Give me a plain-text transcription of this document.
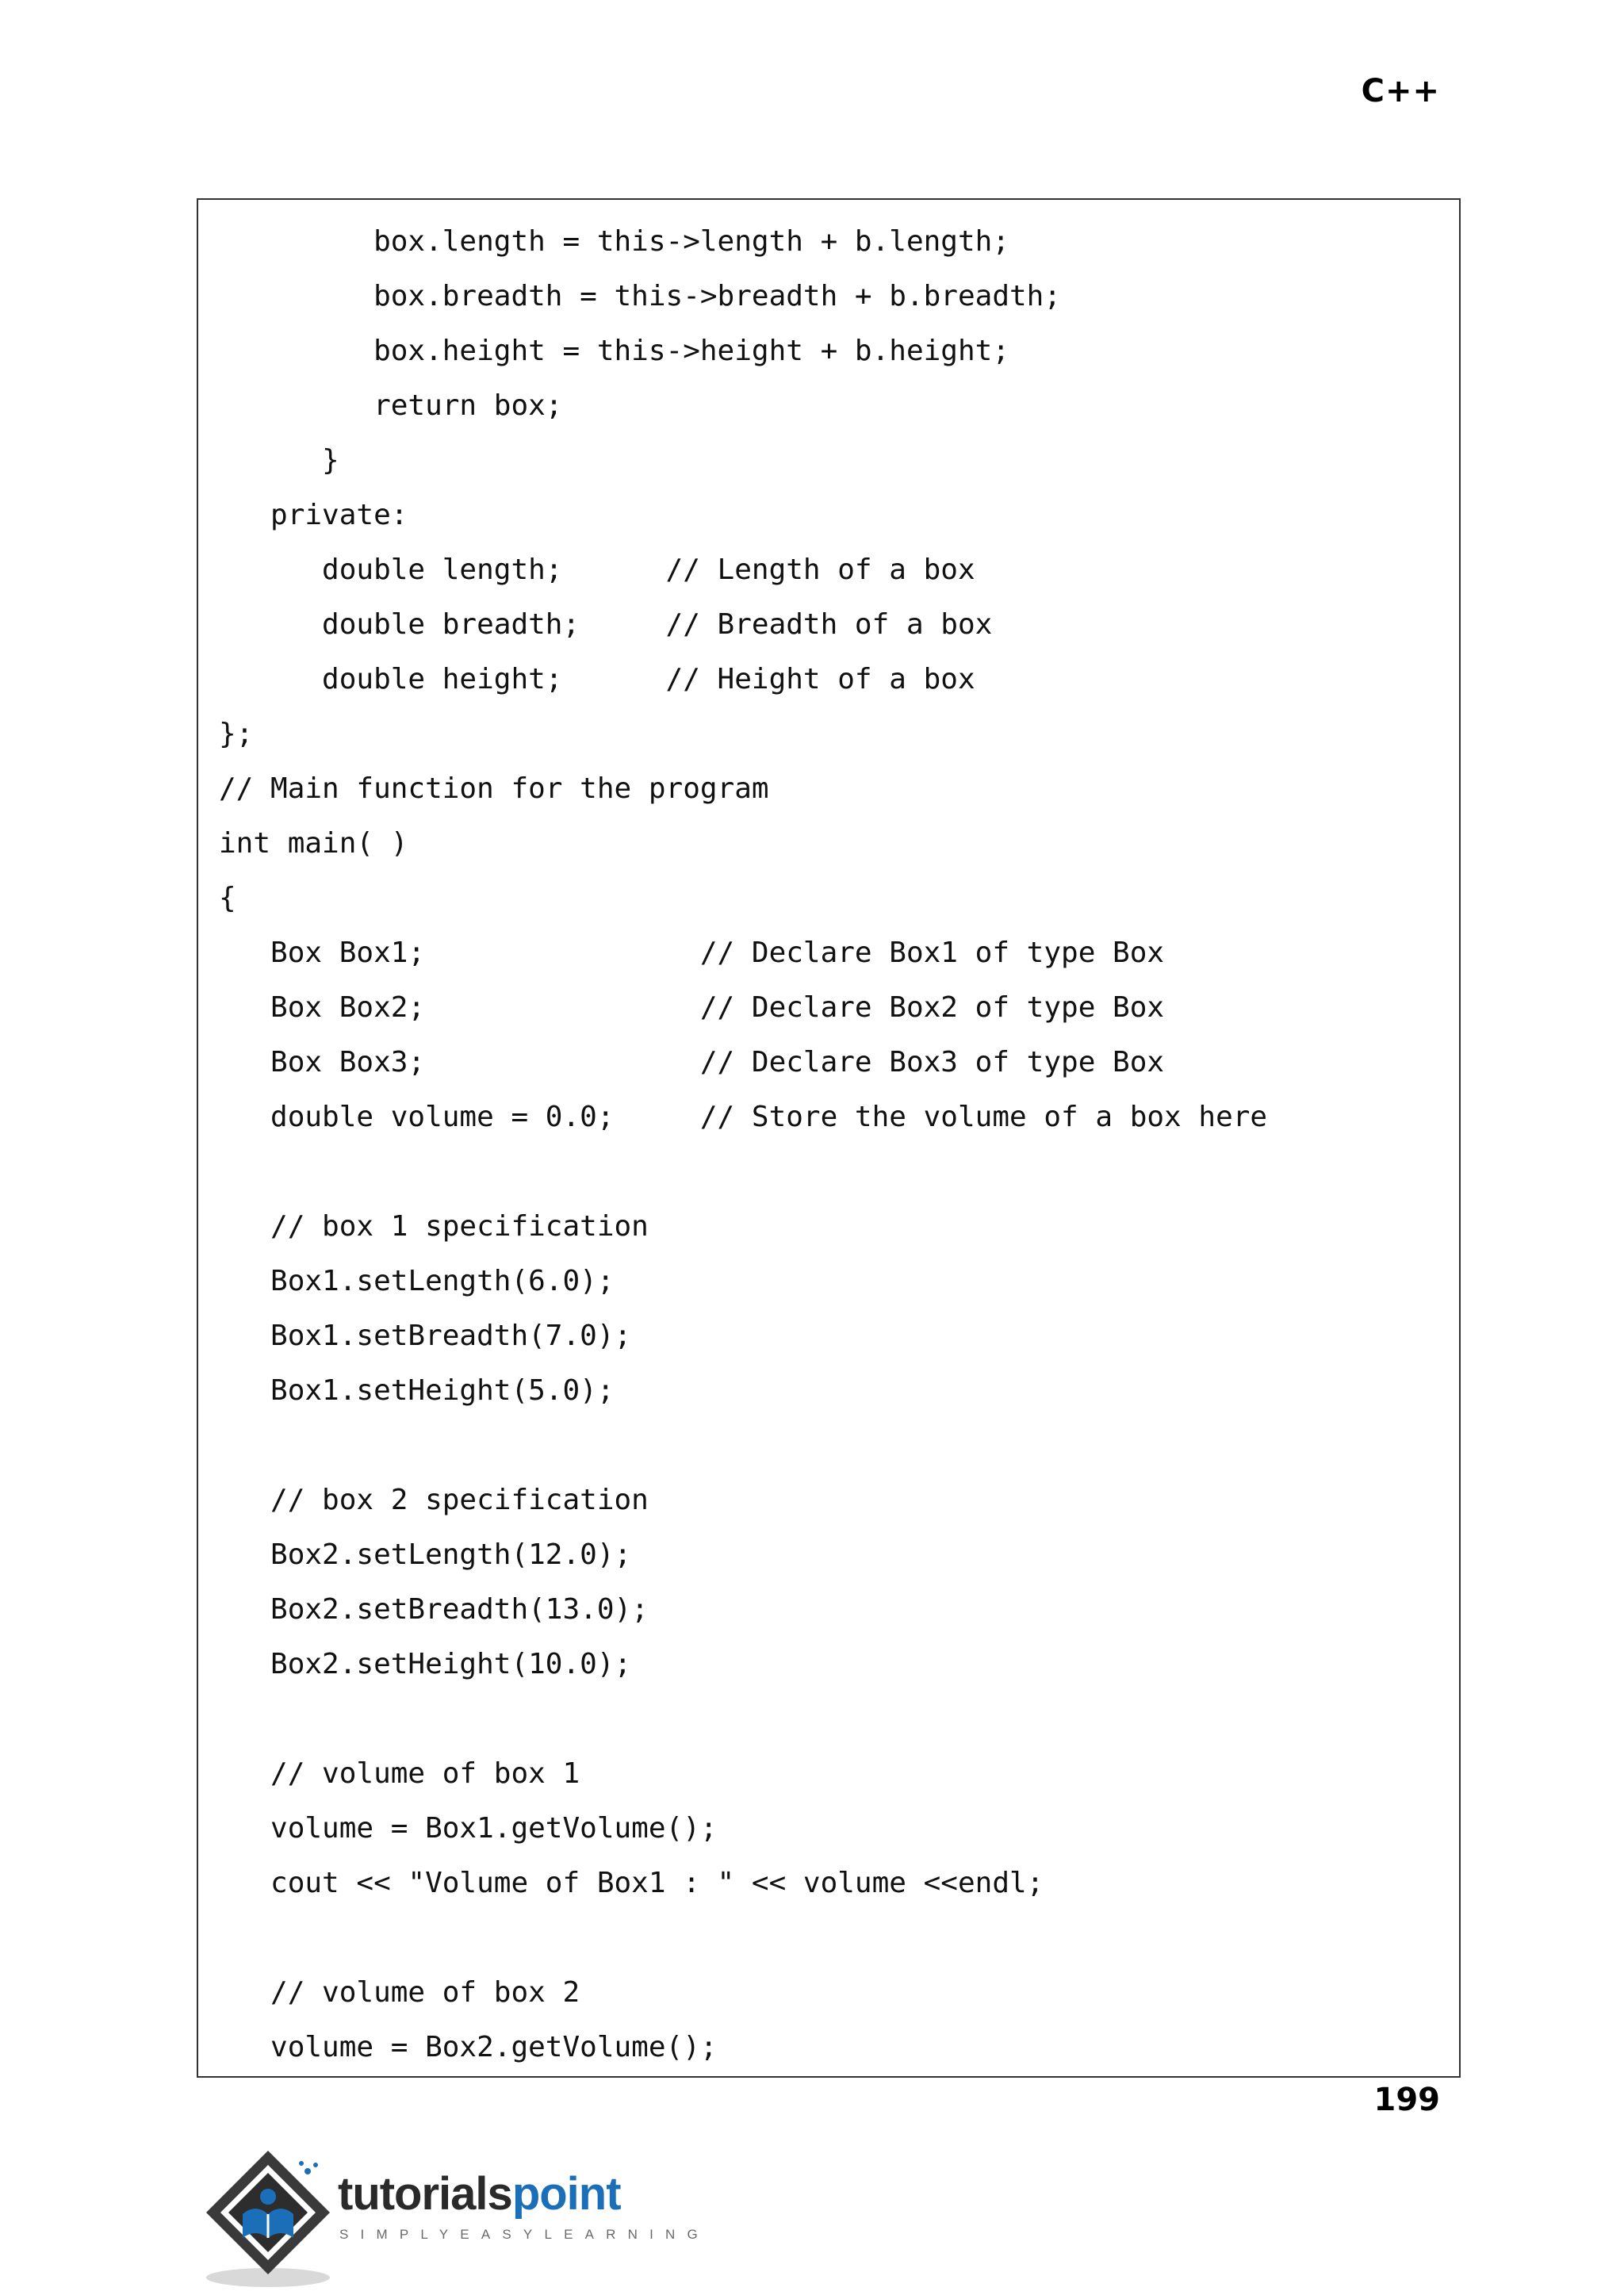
C++
box.length = this->length + b.length;
box.breadth = this->breadth + b.breadth;
box.height = this->height + b.height;
return box;
}
private:
double length;      // Length of a box
double breadth;     // Breadth of a box
double height;      // Height of a box
};
// Main function for the program
int main( )
{
Box Box1;                // Declare Box1 of type Box
Box Box2;                // Declare Box2 of type Box
Box Box3;                // Declare Box3 of type Box
double volume = 0.0;     // Store the volume of a box here
// box 1 specification
Box1.setLength(6.0);
Box1.setBreadth(7.0);
Box1.setHeight(5.0);
// box 2 specification
Box2.setLength(12.0);
Box2.setBreadth(13.0);
Box2.setHeight(10.0);
// volume of box 1
volume = Box1.getVolume();
cout << "Volume of Box1 : " << volume <<endl;
// volume of box 2
volume = Box2.getVolume();
199
tutorialspoint
SIMPLYEASYLEARNING
